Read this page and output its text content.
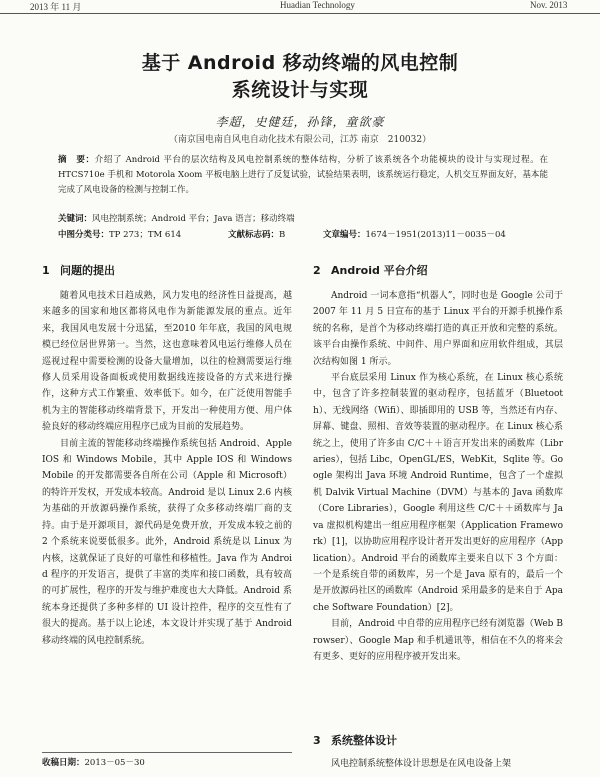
2013 年 11 月	Huadian Technology	Nov. 2013
基于 Android 移动终端的风电控制
系统设计与实现
李超，史健廷，孙锋，童欲豪
（南京国电南自风电自动化技术有限公司，江苏 南京　210032）
摘　要：介绍了 Android 平台的层次结构及风电控制系统的整体结构，分析了该系统各个功能模块的设计与实现过程。在 HTCS710e 手机和 Motorola Xoom 平板电脑上进行了反复试验，试验结果表明，该系统运行稳定，人机交互界面友好，基本能完成了风电设备的检测与控制工作。
关键词：风电控制系统；Android 平台；Java 语言；移动终端
中图分类号：TP 273；TM 614	文献标志码：B	文章编号：1674－1951(2013)11－0035－04
1 问题的提出

随着风电技术日趋成熟，风力发电的经济性日益提高，越来越多的国家和地区都将风电作为新能源发展的重点。近年来，我国风电发展十分迅猛，至2010 年年底，我国的风电规模已经位居世界第一。当然，这也意味着风电运行维修人员在巡视过程中需要检测的设备大量增加，以往的检测需要运行维修人员采用设备面板或使用数据线连接设备的方式来进行操作，这种方式工作繁重、效率低下。如今，在广泛使用智能手机为主的智能移动终端背景下，开发出一种使用方便、用户体验良好的移动终端应用程序已成为目前的发展趋势。

目前主流的智能移动终端操作系统包括 Android、Apple IOS 和 Windows Mobile，其中 Apple IOS 和 Windows Mobile 的开发都需要各自所在公司（Apple 和 Microsoft）的特许开发权，开发成本较高。Android 是以 Linux 2.6 内核为基础的开放源码操作系统，获得了众多移动终端厂商的支持。由于是开源项目，源代码是免费开放，开发成本较之前的 2 个系统来说要低很多。此外，Android 系统是以 Linux 为内核，这就保证了良好的可靠性和移植性。Java 作为 Android 程序的开发语言，提供了丰富的类库和接口函数，具有较高的可扩展性，程序的开发与维护难度也大大降低。Android 系统本身还提供了多种多样的 UI 设计控件，程序的交互性有了很大的提高。基于以上论述，本文设计并实现了基于 Android 移动终端的风电控制系统。

2 Android 平台介绍

Android 一词本意指“机器人”，同时也是 Google 公司于 2007 年 11 月 5 日宣布的基于 Linux 平台的开源手机操作系统的名称，是首个为移动终端打造的真正开放和完整的系统。该平台由操作系统、中间件、用户界面和应用软件组成，其层次结构如图 1 所示。

平台底层采用 Linux 作为核心系统，在 Linux 核心系统中，包含了许多控制装置的驱动程序，包括蓝牙（Bluetooth）、无线网络（Wifi）、即插即用的 USB 等，当然还有内存、屏幕、键盘、照相、音效等装置的驱动程序。在 Linux 核心系统之上，使用了许多由 C/C＋＋语言开发出来的函数库（Libraries），包括 Libc，OpenGL/ES，WebKit，Sqlite 等。Google 架构出 Java 环境 Android Runtime，包含了一个虚拟机 Dalvik Virtual Machine（DVM）与基本的 Java 函数库（Core Libraries），Google 利用这些 C/C＋＋函数库与 Java 虚拟机构建出一组应用程序框架（Application Framework）[1]，以协助应用程序设计者开发出更好的应用程序（Application）。Android 平台的函数库主要来自以下 3 个方面：一个是系统自带的函数库，另一个是 Java 原有的，最后一个是开放源码社区的函数库（Android 采用最多的是来自于 Apache Software Foundation）[2]。

目前，Android 中自带的应用程序已经有浏览器（Web Browser）、Google Map 和手机通讯等，相信在不久的将来会有更多、更好的应用程序被开发出来。

3 系统整体设计

风电控制系统整体设计思想是在风电设备上架

收稿日期：2013－05－30
